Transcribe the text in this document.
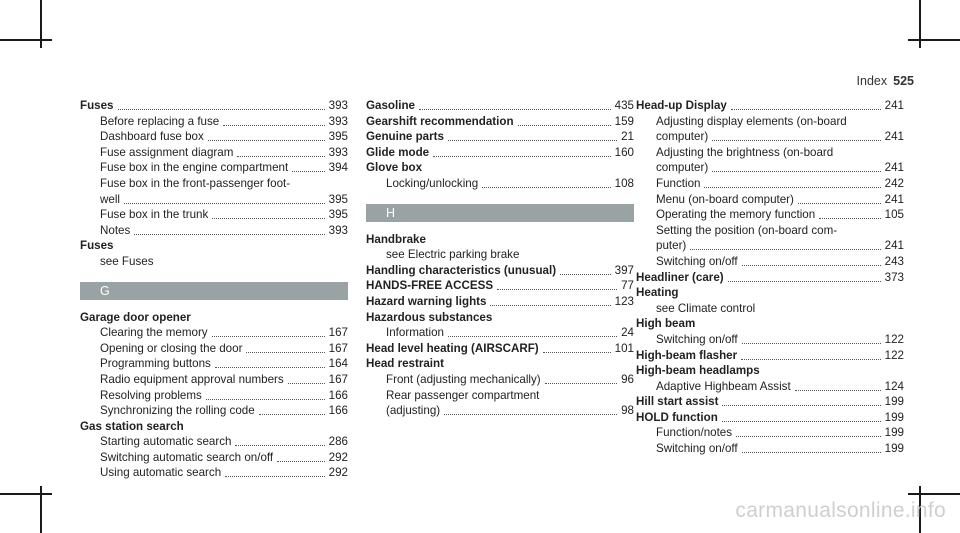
Index 525
Fuses	393
Before replacing a fuse	393
Dashboard fuse box	395
Fuse assignment diagram	393
Fuse box in the engine compartment	394
Fuse box in the front-passenger foot-
well	395
Fuse box in the trunk	395
Notes	393
Fuses
see Fuses
G
Garage door opener
Clearing the memory	167
Opening or closing the door	167
Programming buttons	164
Radio equipment approval numbers	167
Resolving problems	166
Synchronizing the rolling code	166
Gas station search
Starting automatic search	286
Switching automatic search on/off	292
Using automatic search	292
Gasoline	435
Gearshift recommendation	159
Genuine parts	21
Glide mode	160
Glove box
Locking/unlocking	108
H
Handbrake
see Electric parking brake
Handling characteristics (unusual)	397
HANDS-FREE ACCESS	77
Hazard warning lights	123
Hazardous substances
Information	24
Head level heating (AIRSCARF)	101
Head restraint
Front (adjusting mechanically)	96
Rear passenger compartment
(adjusting)	98
Head-up Display	241
Adjusting display elements (on-board
computer)	241
Adjusting the brightness (on-board
computer)	241
Function	242
Menu (on-board computer)	241
Operating the memory function	105
Setting the position (on-board com-
puter)	241
Switching on/off	243
Headliner (care)	373
Heating
see Climate control
High beam
Switching on/off	122
High-beam flasher	122
High-beam headlamps
Adaptive Highbeam Assist	124
Hill start assist	199
HOLD function	199
Function/notes	199
Switching on/off	199
carmanualsonline.info
